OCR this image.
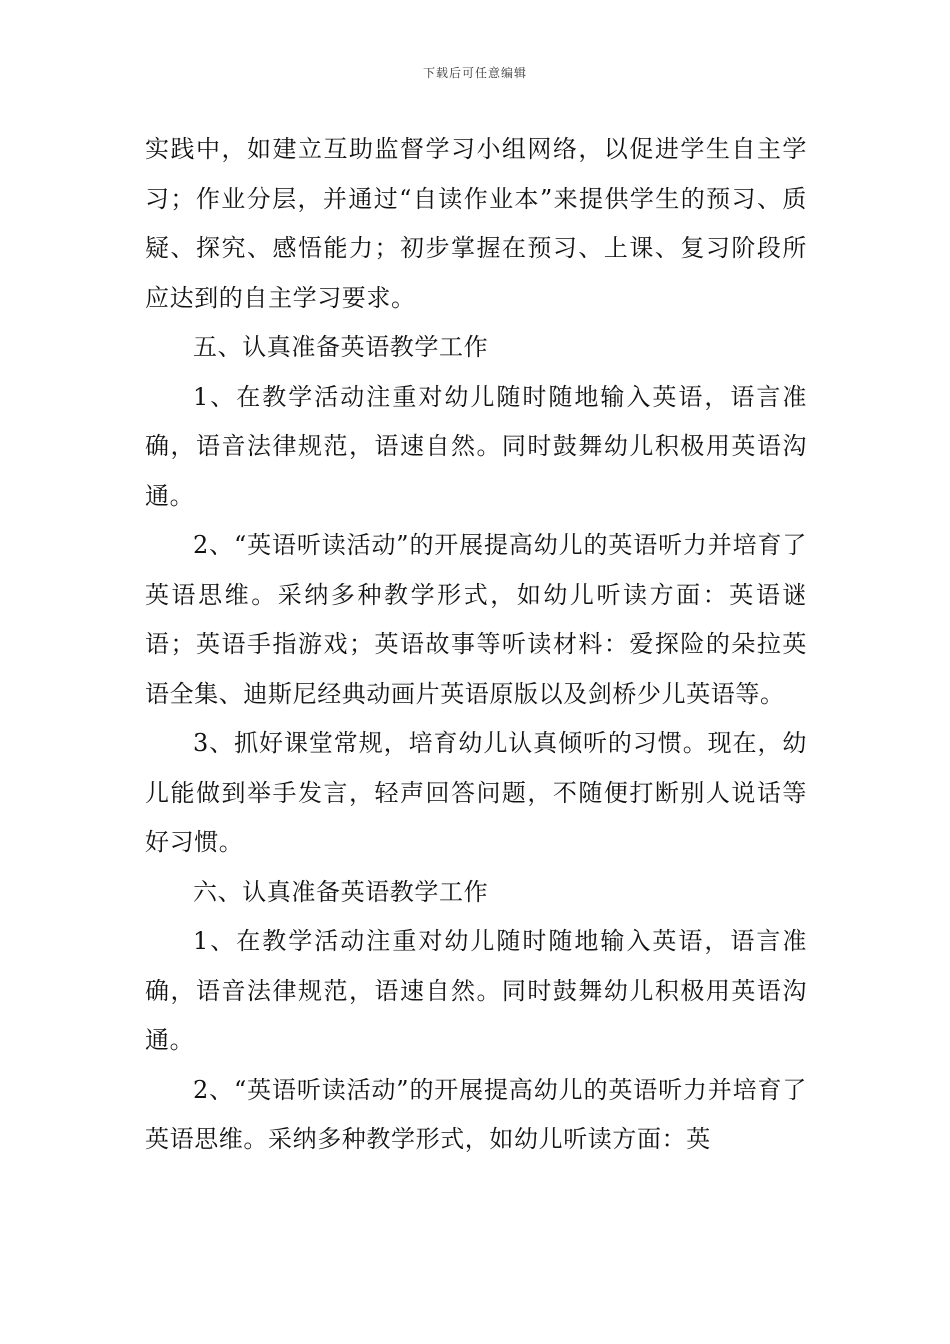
下载后可任意编辑

实践中，如建立互助监督学习小组网络，以促进学生自主学习；作业分层，并通过“自读作业本”来提供学生的预习、质疑、探究、感悟能力；初步掌握在预习、上课、复习阶段所应达到的自主学习要求。

五、认真准备英语教学工作

1、在教学活动注重对幼儿随时随地输入英语，语言准确，语音法律规范，语速自然。同时鼓舞幼儿积极用英语沟通。

2、“英语听读活动”的开展提高幼儿的英语听力并培育了英语思维。采纳多种教学形式，如幼儿听读方面：英语谜语；英语手指游戏；英语故事等听读材料：爱探险的朵拉英语全集、迪斯尼经典动画片英语原版以及剑桥少儿英语等。

3、抓好课堂常规，培育幼儿认真倾听的习惯。现在，幼儿能做到举手发言，轻声回答问题，不随便打断别人说话等好习惯。

六、认真准备英语教学工作

1、在教学活动注重对幼儿随时随地输入英语，语言准确，语音法律规范，语速自然。同时鼓舞幼儿积极用英语沟通。

2、“英语听读活动”的开展提高幼儿的英语听力并培育了英语思维。采纳多种教学形式，如幼儿听读方面：英
